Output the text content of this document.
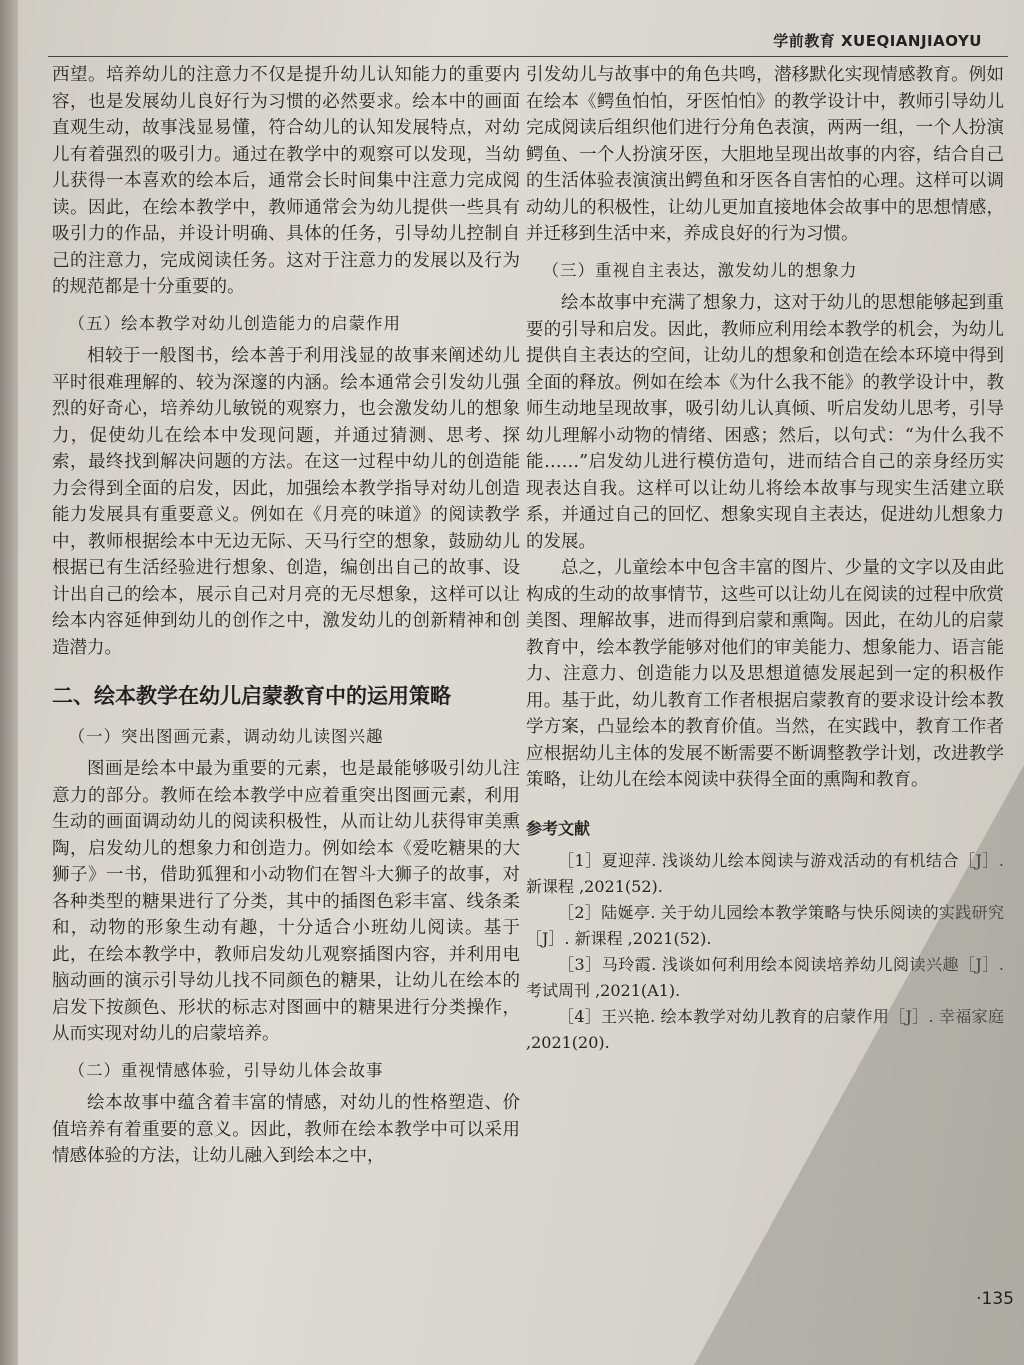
学前教育 XUEQIANJIAOYU

西望。培养幼儿的注意力不仅是提升幼儿认知能力的重要内容，也是发展幼儿良好行为习惯的必然要求。绘本中的画面直观生动，故事浅显易懂，符合幼儿的认知发展特点，对幼儿有着强烈的吸引力。通过在教学中的观察可以发现，当幼儿获得一本喜欢的绘本后，通常会长时间集中注意力完成阅读。因此，在绘本教学中，教师通常会为幼儿提供一些具有吸引力的作品，并设计明确、具体的任务，引导幼儿控制自己的注意力，完成阅读任务。这对于注意力的发展以及行为的规范都是十分重要的。

（五）绘本教学对幼儿创造能力的启蒙作用

相较于一般图书，绘本善于利用浅显的故事来阐述幼儿平时很难理解的、较为深邃的内涵。绘本通常会引发幼儿强烈的好奇心，培养幼儿敏锐的观察力，也会激发幼儿的想象力，促使幼儿在绘本中发现问题，并通过猜测、思考、探索，最终找到解决问题的方法。在这一过程中幼儿的创造能力会得到全面的启发，因此，加强绘本教学指导对幼儿创造能力发展具有重要意义。例如在《月亮的味道》的阅读教学中，教师根据绘本中无边无际、天马行空的想象，鼓励幼儿根据已有生活经验进行想象、创造，编创出自己的故事、设计出自己的绘本，展示自己对月亮的无尽想象，这样可以让绘本内容延伸到幼儿的创作之中，激发幼儿的创新精神和创造潜力。

二、绘本教学在幼儿启蒙教育中的运用策略
（一）突出图画元素，调动幼儿读图兴趣

图画是绘本中最为重要的元素，也是最能够吸引幼儿注意力的部分。教师在绘本教学中应着重突出图画元素，利用生动的画面调动幼儿的阅读积极性，从而让幼儿获得审美熏陶，启发幼儿的想象力和创造力。例如绘本《爱吃糖果的大狮子》一书，借助狐狸和小动物们在智斗大狮子的故事，对各种类型的糖果进行了分类，其中的插图色彩丰富、线条柔和，动物的形象生动有趣，十分适合小班幼儿阅读。基于此，在绘本教学中，教师启发幼儿观察插图内容，并利用电脑动画的演示引导幼儿找不同颜色的糖果，让幼儿在绘本的启发下按颜色、形状的标志对图画中的糖果进行分类操作，从而实现对幼儿的启蒙培养。

（二）重视情感体验，引导幼儿体会故事

绘本故事中蕴含着丰富的情感，对幼儿的性格塑造、价值培养有着重要的意义。因此，教师在绘本教学中可以采用情感体验的方法，让幼儿融入到绘本之中，

引发幼儿与故事中的角色共鸣，潜移默化实现情感教育。例如在绘本《鳄鱼怕怕，牙医怕怕》的教学设计中，教师引导幼儿完成阅读后组织他们进行分角色表演，两两一组，一个人扮演鳄鱼、一个人扮演牙医，大胆地呈现出故事的内容，结合自己的生活体验表演演出鳄鱼和牙医各自害怕的心理。这样可以调动幼儿的积极性，让幼儿更加直接地体会故事中的思想情感，并迁移到生活中来，养成良好的行为习惯。

（三）重视自主表达，激发幼儿的想象力

绘本故事中充满了想象力，这对于幼儿的思想能够起到重要的引导和启发。因此，教师应利用绘本教学的机会，为幼儿提供自主表达的空间，让幼儿的想象和创造在绘本环境中得到全面的释放。例如在绘本《为什么我不能》的教学设计中，教师生动地呈现故事，吸引幼儿认真倾、听启发幼儿思考，引导幼儿理解小动物的情绪、困惑；然后，以句式：“为什么我不能……”启发幼儿进行模仿造句，进而结合自己的亲身经历实现表达自我。这样可以让幼儿将绘本故事与现实生活建立联系，并通过自己的回忆、想象实现自主表达，促进幼儿想象力的发展。

总之，儿童绘本中包含丰富的图片、少量的文字以及由此构成的生动的故事情节，这些可以让幼儿在阅读的过程中欣赏美图、理解故事，进而得到启蒙和熏陶。因此，在幼儿的启蒙教育中，绘本教学能够对他们的审美能力、想象能力、语言能力、注意力、创造能力以及思想道德发展起到一定的积极作用。基于此，幼儿教育工作者根据启蒙教育的要求设计绘本教学方案，凸显绘本的教育价值。当然，在实践中，教育工作者应根据幼儿主体的发展不断需要不断调整教学计划，改进教学策略，让幼儿在绘本阅读中获得全面的熏陶和教育。

参考文献

［1］夏迎萍. 浅谈幼儿绘本阅读与游戏活动的有机结合［J］. 新课程 ,2021(52).

［2］陆娫亭. 关于幼儿园绘本教学策略与快乐阅读的实践研究［J］. 新课程 ,2021(52).

［3］马玲霞. 浅谈如何利用绘本阅读培养幼儿阅读兴趣［J］. 考试周刊 ,2021(A1).

［4］王兴艳. 绘本教学对幼儿教育的启蒙作用［J］. 幸福家庭 ,2021(20).

·135
